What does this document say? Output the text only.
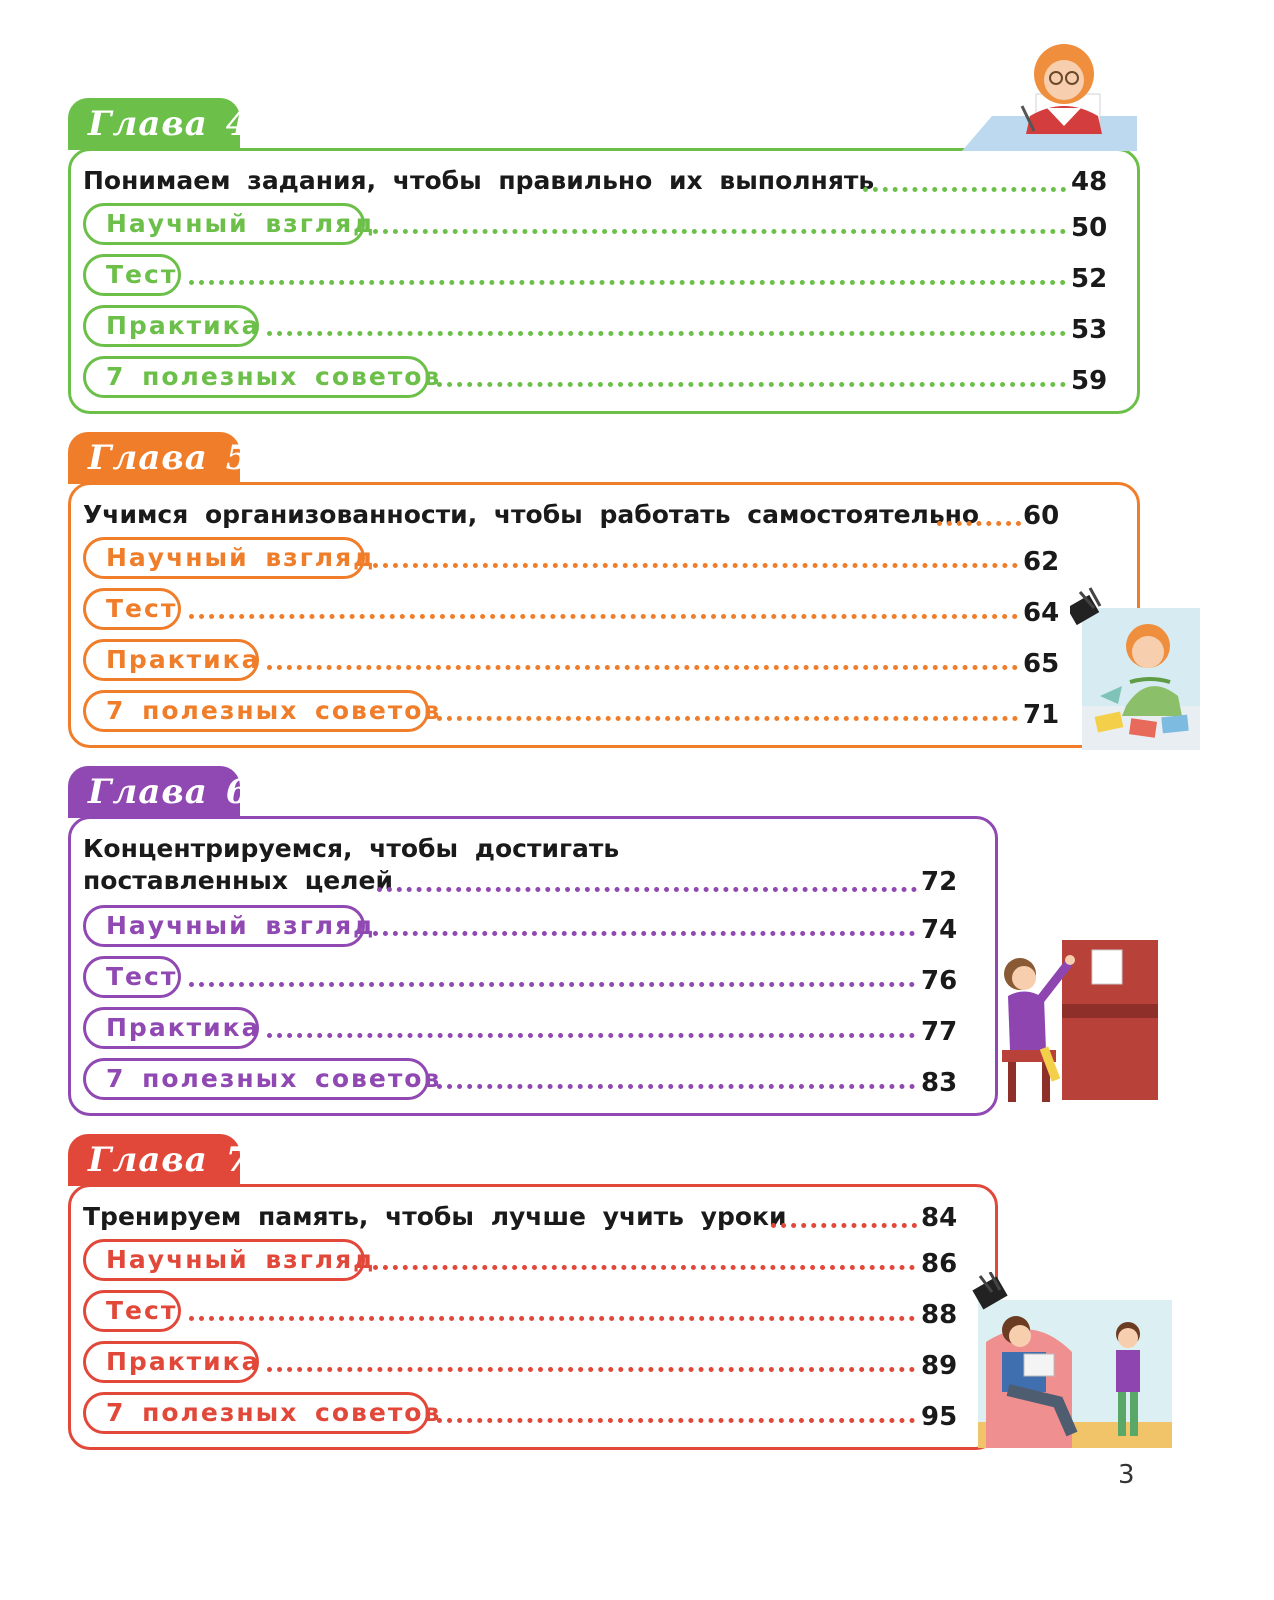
Глава 4
Понимаем задания, чтобы правильно их выполнять	48
Научный взгляд	50
Тест	52
Практика	53
7 полезных советов	59
Глава 5
Учимся организованности, чтобы работать самостоятельно 60
Научный взгляд	62
Тест	64
Практика	65
7 полезных советов	71
Глава 6
Концентрируемся, чтобы достигать
поставленных целей	72
Научный взгляд	74
Тест	76
Практика	77
7 полезных советов	83
Глава 7
Тренируем память, чтобы лучше учить уроки	84
Научный взгляд	86
Тест	88
Практика	89
7 полезных советов	95
3
